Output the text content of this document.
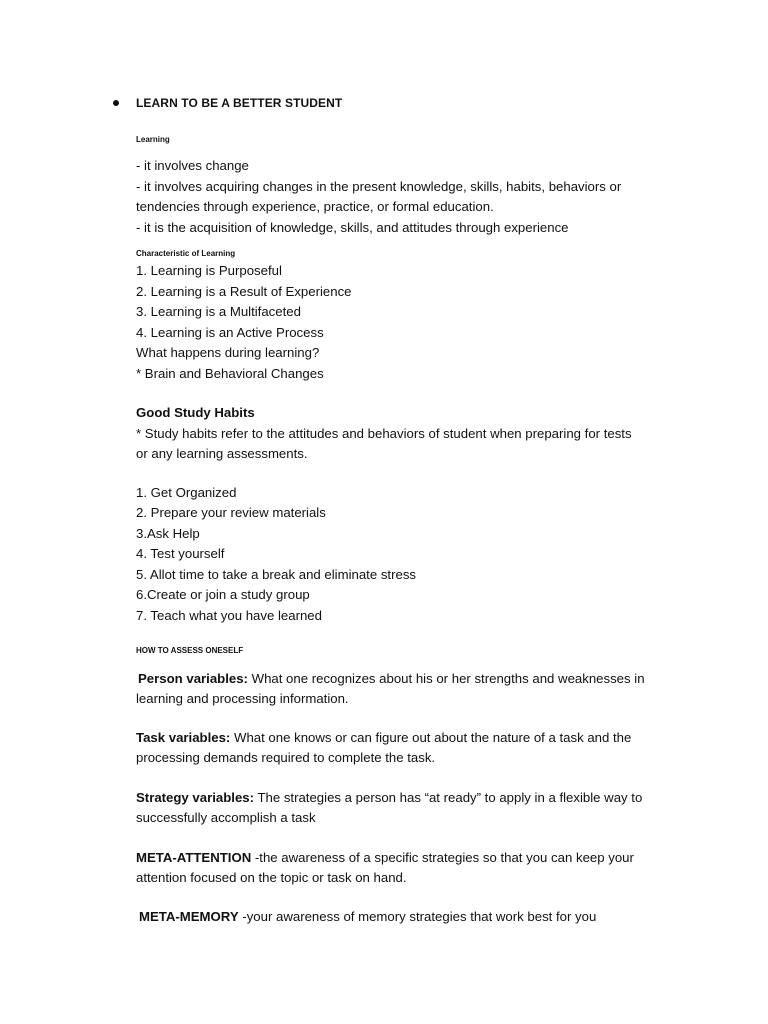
LEARN TO BE A BETTER STUDENT
Learning
- it involves change
- it involves acquiring changes in the present knowledge, skills, habits, behaviors or
tendencies through experience, practice, or formal education.
- it is the acquisition of knowledge, skills, and attitudes through experience
Characteristic of Learning
1. Learning is Purposeful
2. Learning is a Result of Experience
3. Learning is a Multifaceted
4. Learning is an Active Process
What happens during learning?
* Brain and Behavioral Changes
Good Study Habits
* Study habits refer to the attitudes and behaviors of student when preparing for tests
or any learning assessments.
1. Get Organized
2. Prepare your review materials
3.Ask Help
4. Test yourself
5. Allot time to take a break and eliminate stress
6.Create or join a study group
7. Teach what you have learned
HOW TO ASSESS ONESELF
Person variables: What one recognizes about his or her strengths and weaknesses in
learning and processing information.
Task variables: What one knows or can figure out about the nature of a task and the
processing demands required to complete the task.
Strategy variables: The strategies a person has “at ready” to apply in a flexible way to
successfully accomplish a task
META-ATTENTION -the awareness of a specific strategies so that you can keep your
attention focused on the topic or task on hand.
META-MEMORY -your awareness of memory strategies that work best for you
